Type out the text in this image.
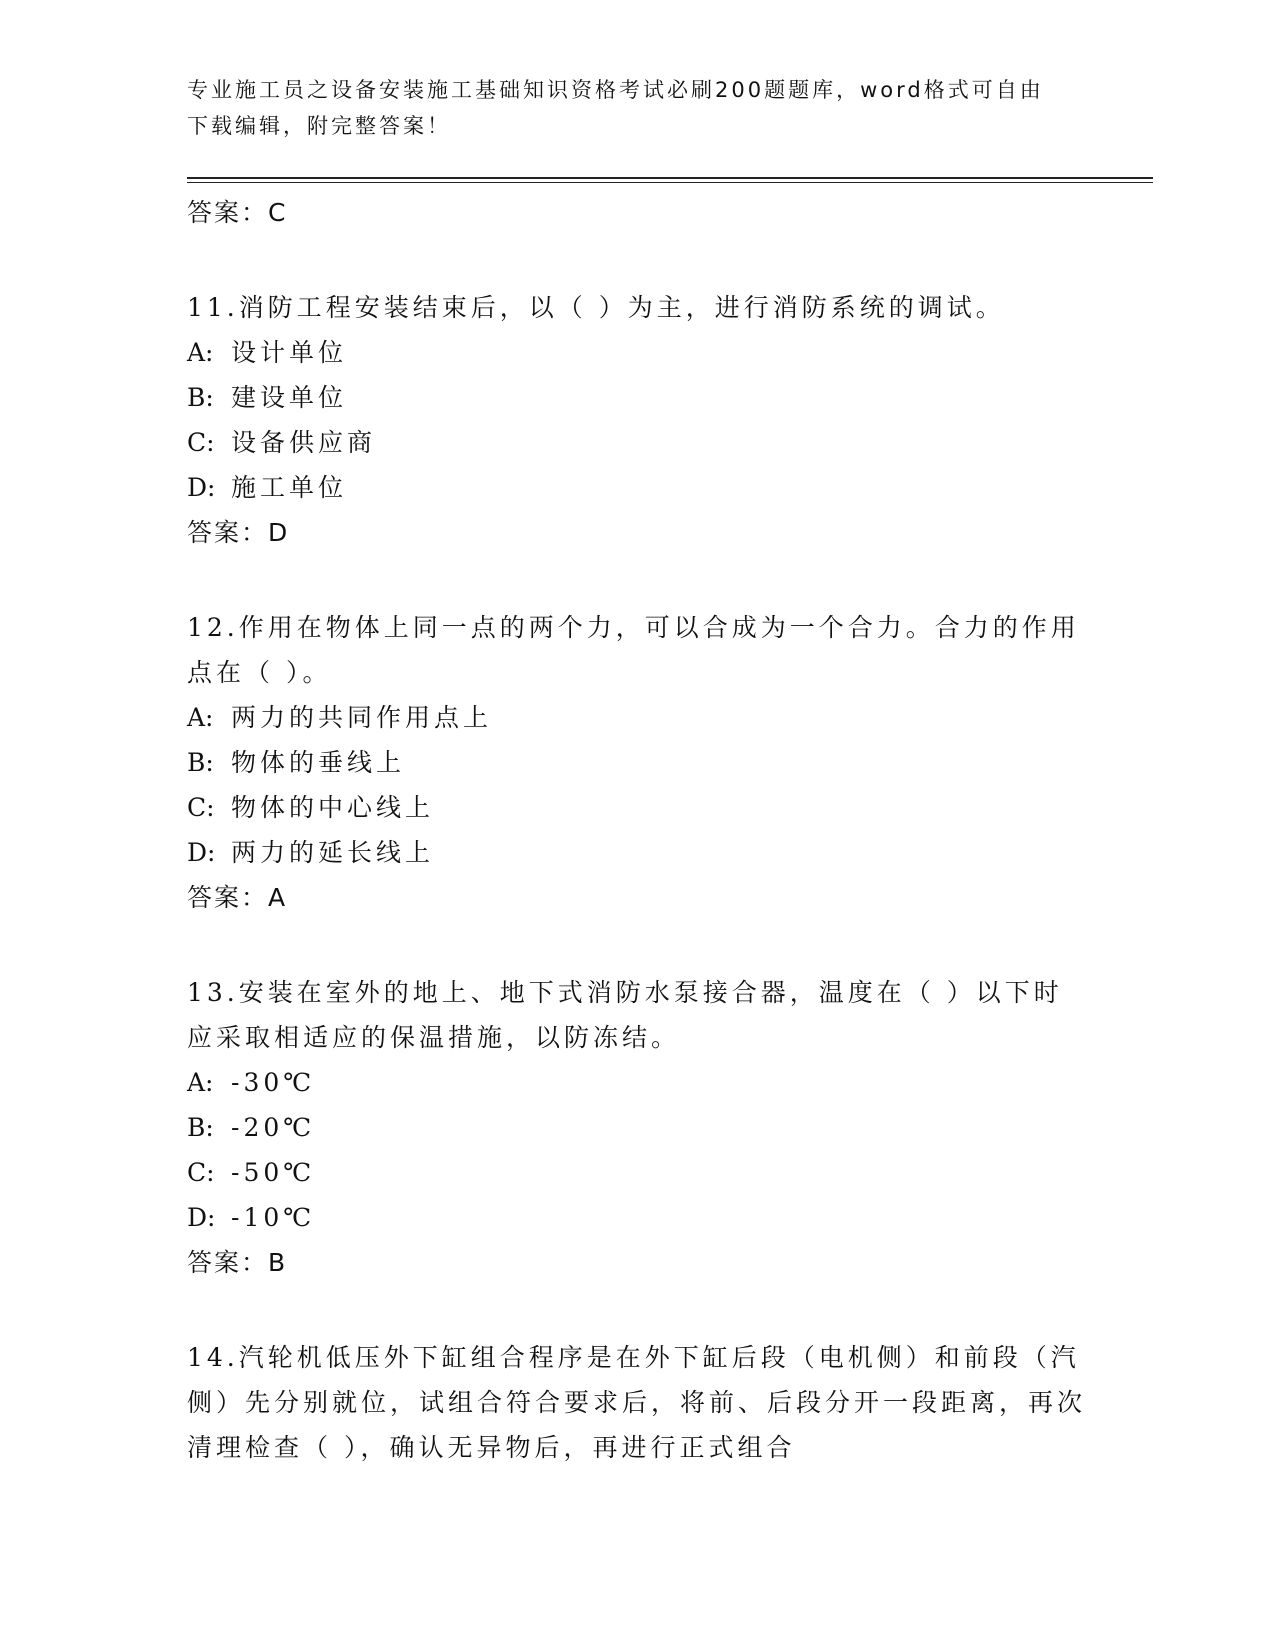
专业施工员之设备安装施工基础知识资格考试必刷200题题库，word格式可自由下载编辑，附完整答案！
答案：C

11.消防工程安装结束后，以（ ）为主，进行消防系统的调试。

A: 设计单位

B: 建设单位

C: 设备供应商

D: 施工单位

答案：D

12.作用在物体上同一点的两个力，可以合成为一个合力。合力的作用点在（ ）。

A: 两力的共同作用点上

B: 物体的垂线上

C: 物体的中心线上

D: 两力的延长线上

答案：A

13.安装在室外的地上、地下式消防水泵接合器，温度在（ ）以下时应采取相适应的保温措施，以防冻结。

A: -30℃

B: -20℃

C: -50℃

D: -10℃

答案：B

14.汽轮机低压外下缸组合程序是在外下缸后段（电机侧）和前段（汽侧）先分别就位，试组合符合要求后，将前、后段分开一段距离，再次清理检查（ ），确认无异物后，再进行正式组合
